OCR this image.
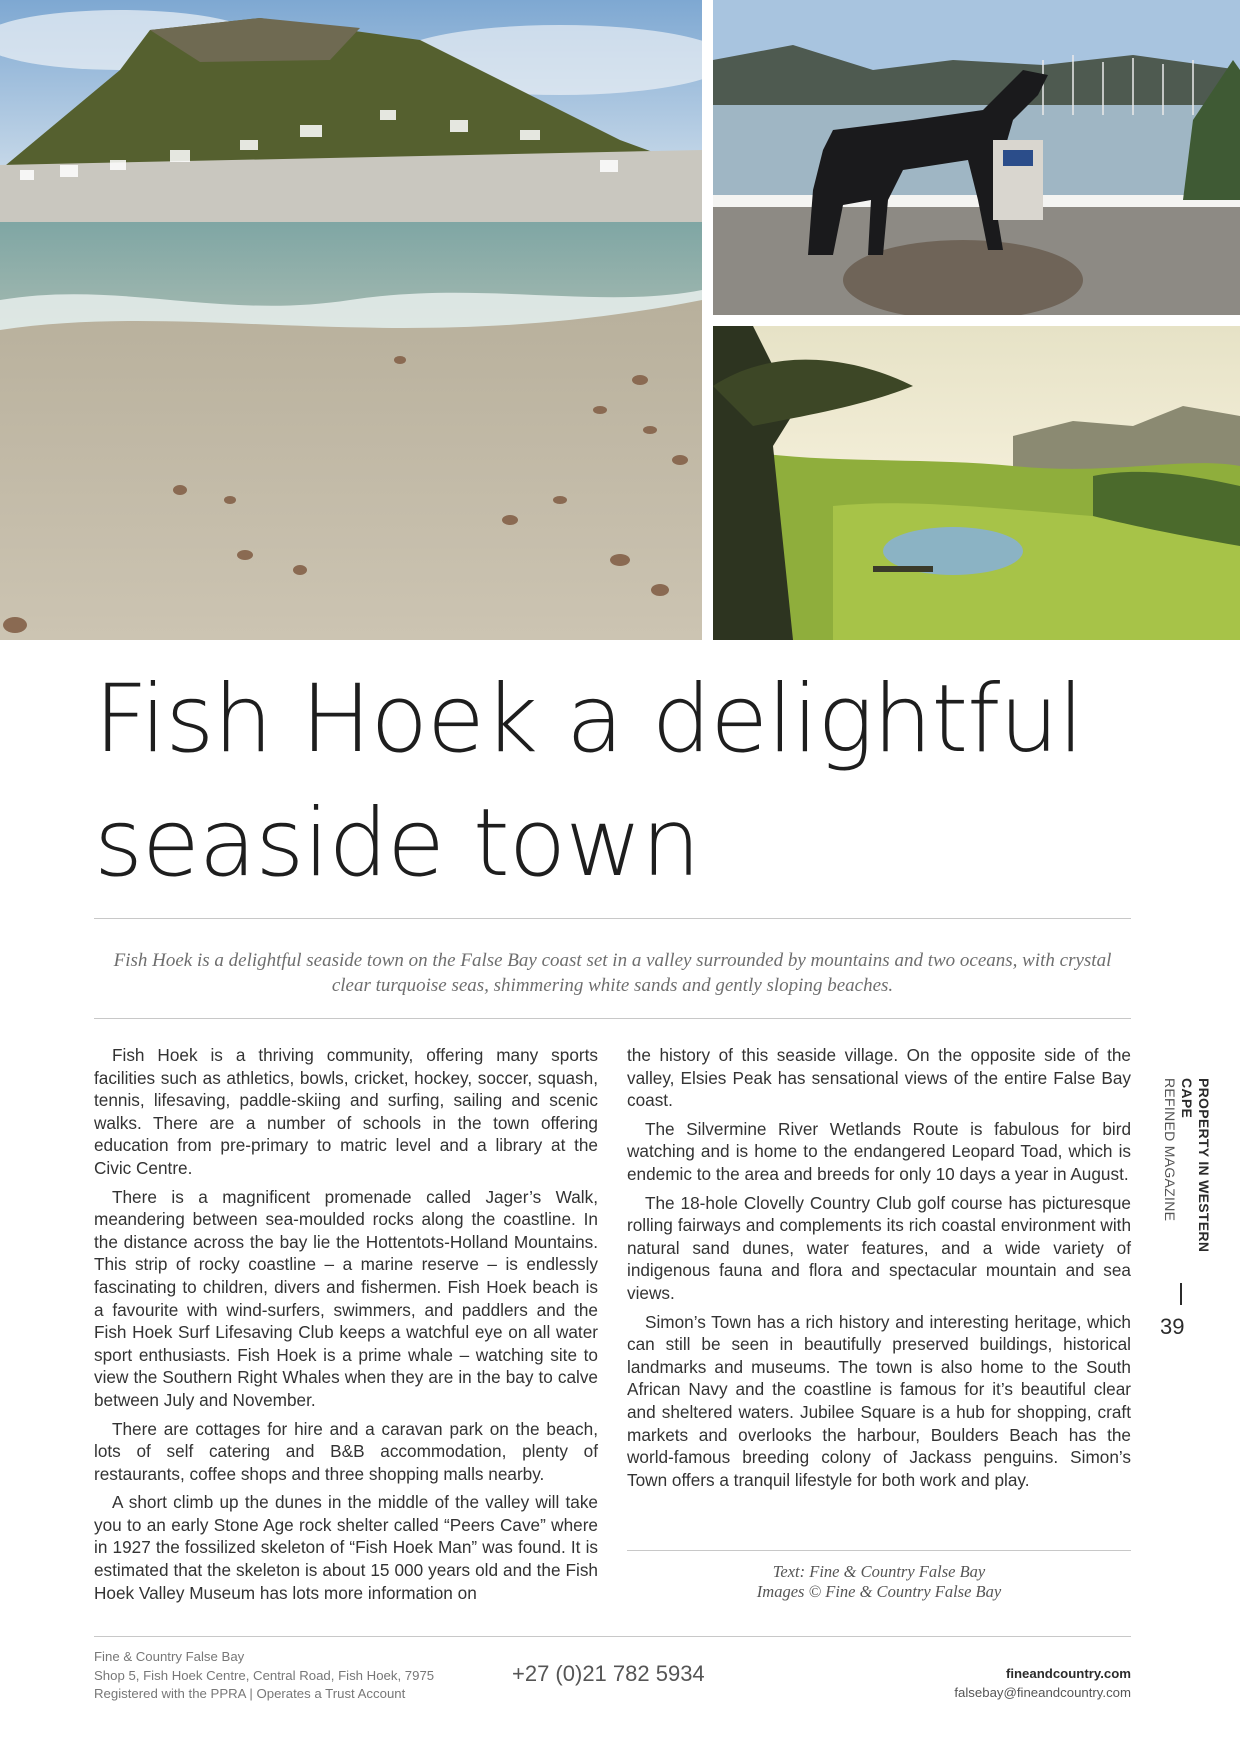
Fish Hoek a delightful
seaside town

Fish Hoek is a delightful seaside town on the False Bay coast set in a valley surrounded by mountains and two oceans, with crystal clear turquoise seas, shimmering white sands and gently sloping beaches.

Fish Hoek is a thriving community, offering many sports facilities such as athletics, bowls, cricket, hockey, soccer, squash, tennis, lifesaving, paddle-skiing and surfing, sailing and scenic walks. There are a number of schools in the town offering education from pre-primary to matric level and a library at the Civic Centre.

There is a magnificent promenade called Jager’s Walk, meandering between sea-moulded rocks along the coastline. In the distance across the bay lie the Hottentots-Holland Mountains. This strip of rocky coastline – a marine reserve – is endlessly fascinating to children, divers and fishermen. Fish Hoek beach is a favourite with wind-surfers, swimmers, and paddlers and the Fish Hoek Surf Lifesaving Club keeps a watchful eye on all water sport enthusiasts. Fish Hoek is a prime whale – watching site to view the Southern Right Whales when they are in the bay to calve between July and November.

There are cottages for hire and a caravan park on the beach, lots of self catering and B&B accommodation, plenty of restaurants, coffee shops and three shopping malls nearby.

A short climb up the dunes in the middle of the valley will take you to an early Stone Age rock shelter called “Peers Cave” where in 1927 the fossilized skeleton of “Fish Hoek Man” was found. It is estimated that the skeleton is about 15 000 years old and the Fish Hoek Valley Museum has lots more information on

the history of this seaside village. On the opposite side of the valley, Elsies Peak has sensational views of the entire False Bay coast.

The Silvermine River Wetlands Route is fabulous for bird watching and is home to the endangered Leopard Toad, which is endemic to the area and breeds for only 10 days a year in August.

The 18-hole Clovelly Country Club golf course has picturesque rolling fairways and complements its rich coastal environment with natural sand dunes, water features, and a wide variety of indigenous fauna and flora and spectacular mountain and sea views.

Simon’s Town has a rich history and interesting heritage, which can still be seen in beautifully preserved buildings, historical landmarks and museums. The town is also home to the South African Navy and the coastline is famous for it’s beautiful clear and sheltered waters. Jubilee Square is a hub for shopping, craft markets and overlooks the harbour, Boulders Beach has the world-famous breeding colony of Jackass penguins. Simon’s Town offers a tranquil lifestyle for both work and play.

Text: Fine & Country False Bay
Images © Fine & Country False Bay
PROPERTY IN WESTERN CAPE
REFINED MAGAZINE
39
Fine & Country False Bay
Shop 5, Fish Hoek Centre, Central Road, Fish Hoek, 7975
Registered with the PPRA | Operates a Trust Account
+27 (0)21 782 5934	fineandcountry.com
falsebay@fineandcountry.com
